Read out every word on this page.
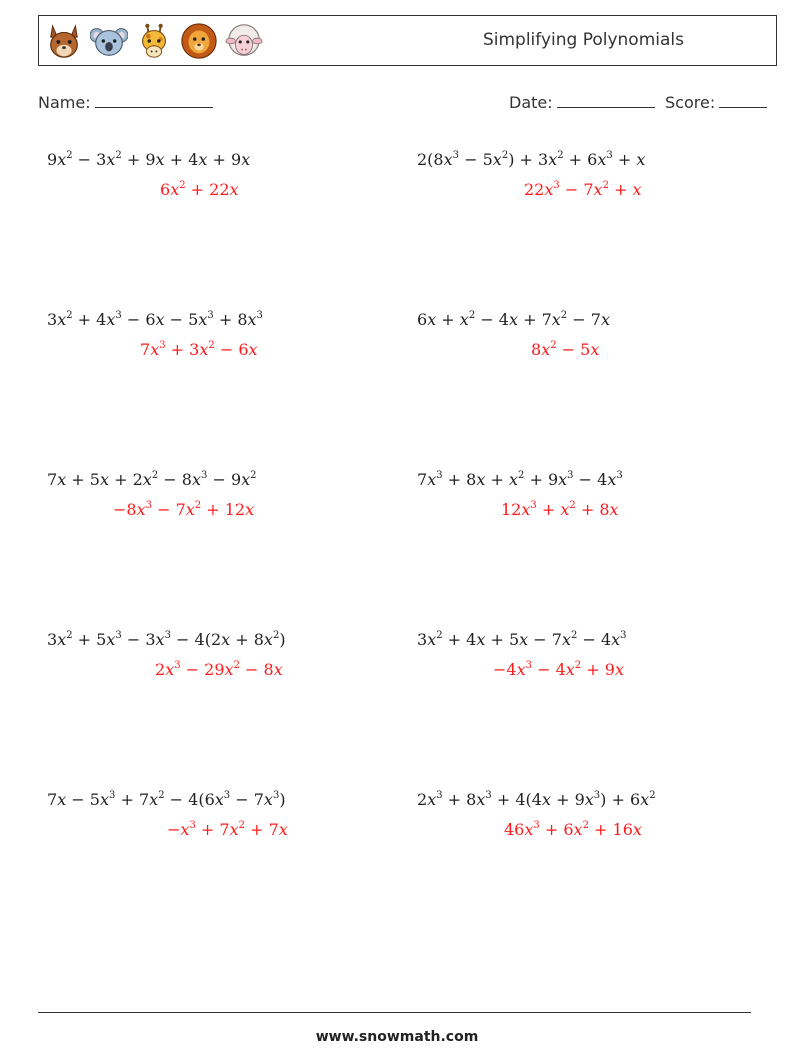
Simplifying Polynomials
Name:	Date:	Score:
$9x^2 - 3x^2 + 9x + 4x + 9x$
$6x^2 + 22x$
$2(8x^3 - 5x^2) + 3x^2 + 6x^3 + x$
$22x^3 - 7x^2 + x$
$3x^2 + 4x^3 - 6x - 5x^3 + 8x^3$
$7x^3 + 3x^2 - 6x$
$6x + x^2 - 4x + 7x^2 - 7x$
$8x^2 - 5x$
$7x + 5x + 2x^2 - 8x^3 - 9x^2$
$-8x^3 - 7x^2 + 12x$
$7x^3 + 8x + x^2 + 9x^3 - 4x^3$
$12x^3 + x^2 + 8x$
$3x^2 + 5x^3 - 3x^3 - 4(2x + 8x^2)$
$2x^3 - 29x^2 - 8x$
$3x^2 + 4x + 5x - 7x^2 - 4x^3$
$-4x^3 - 4x^2 + 9x$
$7x - 5x^3 + 7x^2 - 4(6x^3 - 7x^3)$
$-x^3 + 7x^2 + 7x$
$2x^3 + 8x^3 + 4(4x + 9x^3) + 6x^2$
$46x^3 + 6x^2 + 16x$
www.snowmath.com
